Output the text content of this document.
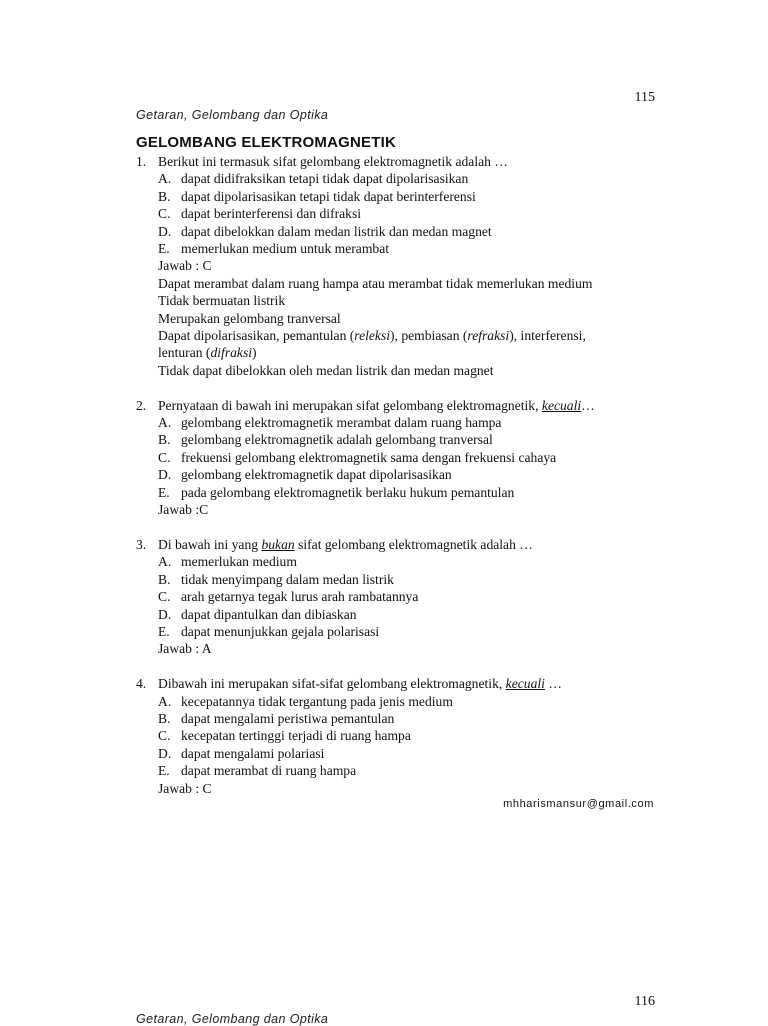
115
Getaran, Gelombang dan Optika
GELOMBANG ELEKTROMAGNETIK
1. Berikut ini termasuk sifat gelombang elektromagnetik adalah …
A. dapat didifraksikan tetapi tidak dapat dipolarisasikan
B. dapat dipolarisasikan tetapi tidak dapat berinterferensi
C. dapat berinterferensi dan difraksi
D. dapat dibelokkan dalam medan listrik dan medan magnet
E. memerlukan medium untuk merambat
Jawab : C
Dapat merambat dalam ruang hampa atau merambat tidak memerlukan medium
Tidak bermuatan listrik
Merupakan gelombang tranversal
Dapat dipolarisasikan, pemantulan (releksi), pembiasan (refraksi), interferensi,
lenturan (difraksi)
Tidak dapat dibelokkan oleh medan listrik dan medan magnet
2. Pernyataan di bawah ini merupakan sifat gelombang elektromagnetik, kecuali…
A. gelombang elektromagnetik merambat dalam ruang hampa
B. gelombang elektromagnetik adalah gelombang tranversal
C. frekuensi gelombang elektromagnetik sama dengan frekuensi cahaya
D. gelombang elektromagnetik dapat dipolarisasikan
E. pada gelombang elektromagnetik berlaku hukum pemantulan
Jawab :C
3. Di bawah ini yang bukan sifat gelombang elektromagnetik adalah …
A. memerlukan medium
B. tidak menyimpang dalam medan listrik
C. arah getarnya tegak lurus arah rambatannya
D. dapat dipantulkan dan dibiaskan
E. dapat menunjukkan gejala polarisasi
Jawab : A
4. Dibawah ini merupakan sifat-sifat gelombang elektromagnetik, kecuali …
A. kecepatannya tidak tergantung pada jenis medium
B. dapat mengalami peristiwa pemantulan
C. kecepatan tertinggi terjadi di ruang hampa
D. dapat mengalami polariasi
E. dapat merambat di ruang hampa
Jawab : C
mhharismansur@gmail.com
116
Getaran, Gelombang dan Optika
